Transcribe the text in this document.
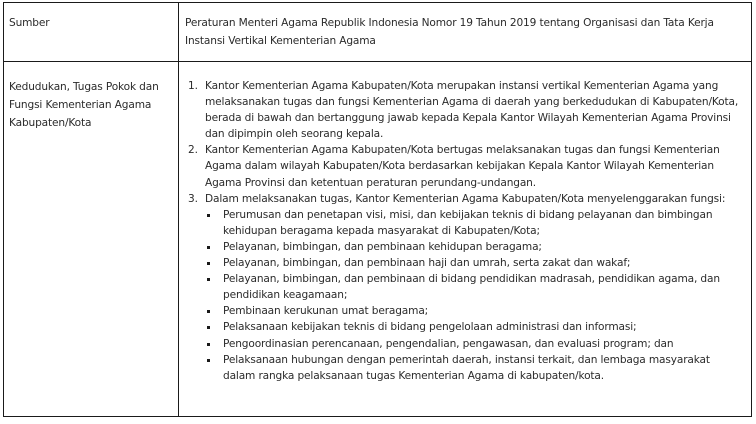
Sumber	Peraturan Menteri Agama Republik Indonesia Nomor 19 Tahun 2019 tentang Organisasi dan Tata Kerja Instansi Vertikal Kementerian Agama
Kedudukan, Tugas Pokok dan Fungsi Kementerian Agama Kabupaten/Kota
1. Kantor Kementerian Agama Kabupaten/Kota merupakan instansi vertikal Kementerian Agama yang melaksanakan tugas dan fungsi Kementerian Agama di daerah yang berkedudukan di Kabupaten/Kota, berada di bawah dan bertanggung jawab kepada Kepala Kantor Wilayah Kementerian Agama Provinsi dan dipimpin oleh seorang kepala.
2. Kantor Kementerian Agama Kabupaten/Kota bertugas melaksanakan tugas dan fungsi Kementerian Agama dalam wilayah Kabupaten/Kota berdasarkan kebijakan Kepala Kantor Wilayah Kementerian Agama Provinsi dan ketentuan peraturan perundang-undangan.
3. Dalam melaksanakan tugas, Kantor Kementerian Agama Kabupaten/Kota menyelenggarakan fungsi:
Perumusan dan penetapan visi, misi, dan kebijakan teknis di bidang pelayanan dan bimbingan kehidupan beragama kepada masyarakat di Kabupaten/Kota;
Pelayanan, bimbingan, dan pembinaan kehidupan beragama;
Pelayanan, bimbingan, dan pembinaan haji dan umrah, serta zakat dan wakaf;
Pelayanan, bimbingan, dan pembinaan di bidang pendidikan madrasah, pendidikan agama, dan pendidikan keagamaan;
Pembinaan kerukunan umat beragama;
Pelaksanaan kebijakan teknis di bidang pengelolaan administrasi dan informasi;
Pengoordinasian perencanaan, pengendalian, pengawasan, dan evaluasi program; dan
Pelaksanaan hubungan dengan pemerintah daerah, instansi terkait, dan lembaga masyarakat dalam rangka pelaksanaan tugas Kementerian Agama di kabupaten/kota.
